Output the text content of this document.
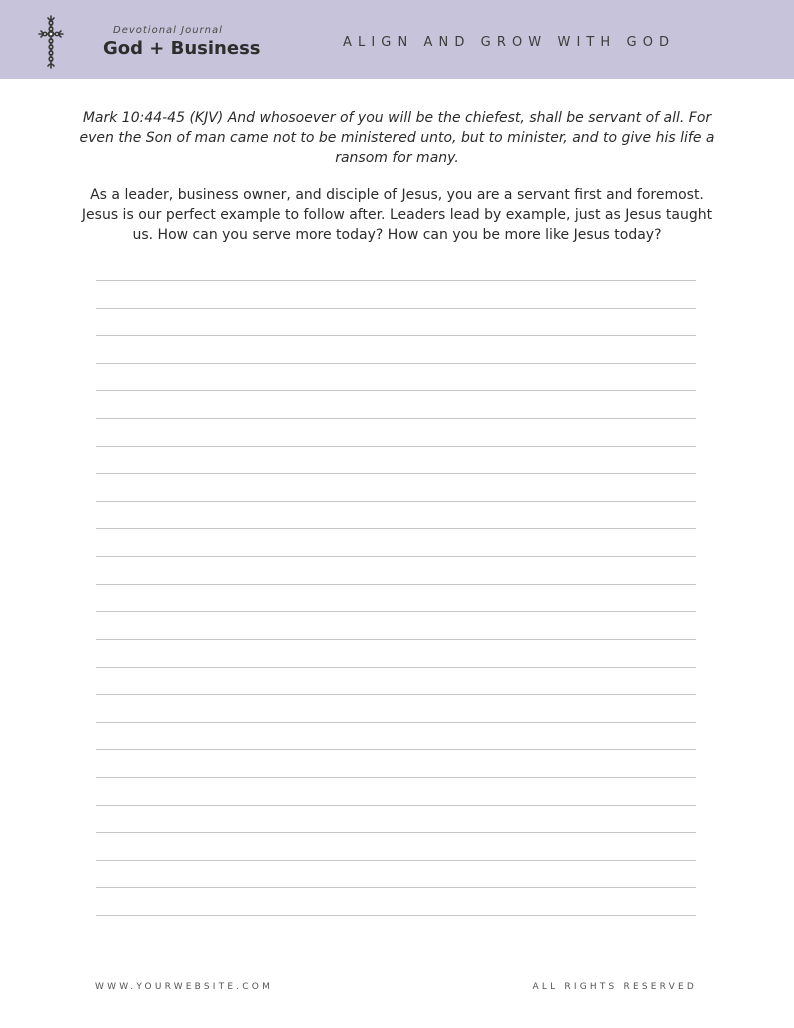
Devotional Journal
God + Business	ALIGN AND GROW WITH GOD

Mark 10:44-45 (KJV) And whosoever of you will be the chiefest, shall be servant of all. For even the Son of man came not to be ministered unto, but to minister, and to give his life a ransom for many.

As a leader, business owner, and disciple of Jesus, you are a servant first and foremost. Jesus is our perfect example to follow after. Leaders lead by example, just as Jesus taught us. How can you serve more today? How can you be more like Jesus today?

WWW.YOURWEBSITE.COM	ALL RIGHTS RESERVED
